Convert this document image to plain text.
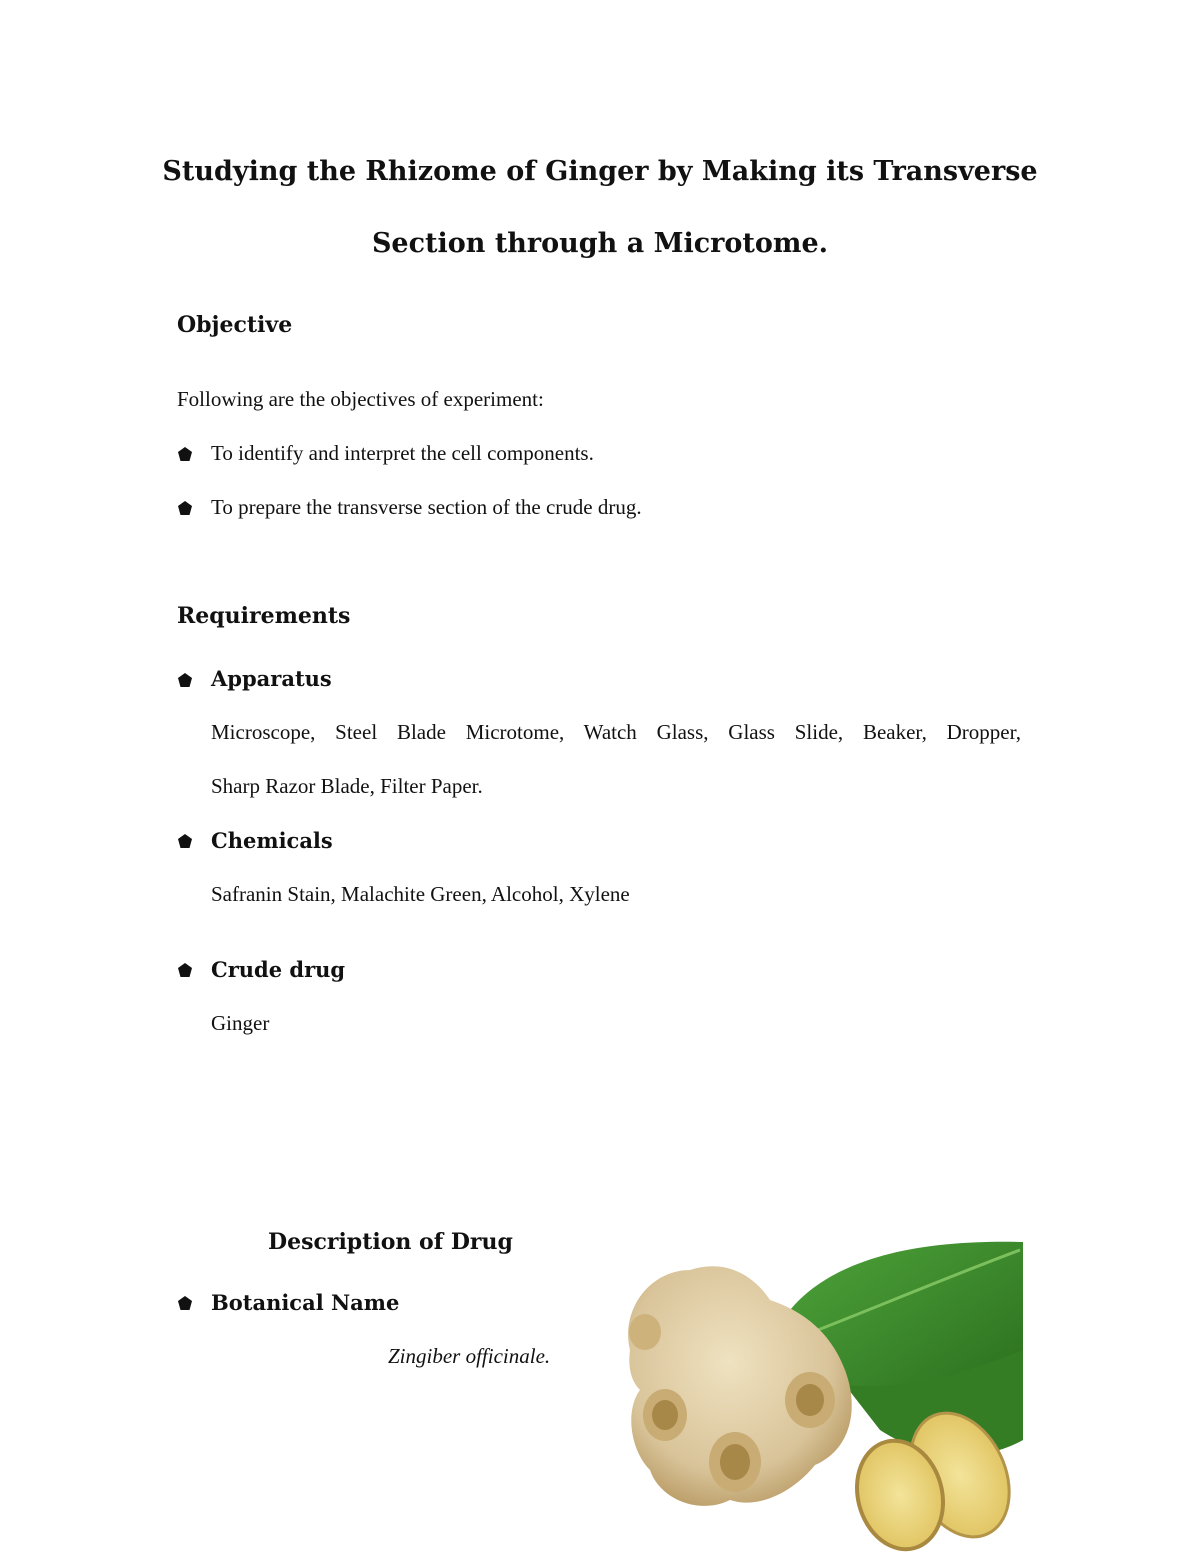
Studying the Rhizome of Ginger by Making its Transverse
Section through a Microtome.
Objective
Following are the objectives of experiment:
To identify and interpret the cell components.
To prepare the transverse section of the crude drug.
Requirements
Apparatus
Microscope, Steel Blade Microtome, Watch Glass, Glass Slide, Beaker, Dropper,
Sharp Razor Blade, Filter Paper.
Chemicals
Safranin Stain, Malachite Green, Alcohol, Xylene
Crude drug
Ginger
Description of Drug
Botanical Name
Zingiber officinale.
